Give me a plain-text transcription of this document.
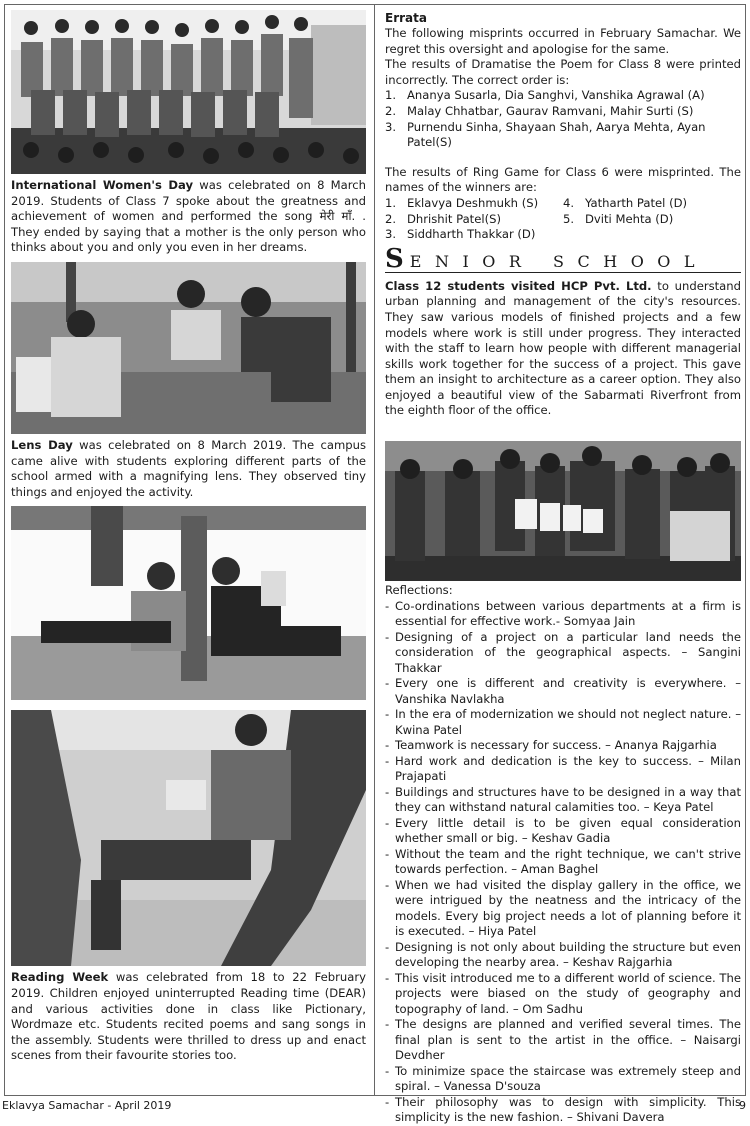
International Women's Day was celebrated on 8 March 2019. Students of Class 7 spoke about the greatness and achievement of women and performed the song मेरी माँ. . They ended by saying that a mother is the only person who thinks about you and only you even in her dreams.

Lens Day was celebrated on 8 March 2019. The campus came alive with students exploring different parts of the school armed with a magnifying lens. They observed tiny things and enjoyed the activity.

Reading Week was celebrated from 18 to 22 February 2019. Children enjoyed uninterrupted Reading time (DEAR) and various activities done in class like Pictionary, Wordmaze etc. Students recited poems and sang songs in the assembly. Students were thrilled to dress up and enact scenes from their favourite stories too.

Errata

The following misprints occurred in February Samachar. We regret this oversight and apologise for the same.

The results of Dramatise the Poem for Class 8 were printed incorrectly. The correct order is:

1. Ananya Susarla, Dia Sanghvi, Vanshika Agrawal (A)
2. Malay Chhatbar, Gaurav Ramvani, Mahir Surti (S)
3. Purnendu Sinha, Shayaan Shah, Aarya Mehta, Ayan Patel(S)

The results of Ring Game for Class 6 were misprinted. The names of the winners are:

1. Eklavya Deshmukh (S) 4. Yatharth Patel (D)
2. Dhrishit Patel(S)	5. Dviti Mehta (D)
3. Siddharth Thakkar (D)
S ENIOR SCHOOL

Class 12 students visited HCP Pvt. Ltd. to understand urban planning and management of the city's resources. They saw various models of finished projects and a few models where work is still under progress. They interacted with the staff to learn how people with different managerial skills work together for the success of a project. This gave them an insight to architecture as a career option. They also enjoyed a beautiful view of the Sabarmati Riverfront from the eighth floor of the office.

Reflections:
- Co-ordinations between various departments at a firm is essential for effective work.- Somyaa Jain
- Designing of a project on a particular land needs the consideration of the geographical aspects. – Sangini Thakkar
- Every one is different and creativity is everywhere. – Vanshika Navlakha
- In the era of modernization we should not neglect nature. – Kwina Patel
- Teamwork is necessary for success. – Ananya Rajgarhia
- Hard work and dedication is the key to success. – Milan Prajapati
- Buildings and structures have to be designed in a way that they can withstand natural calamities too. – Keya Patel
- Every little detail is to be given equal consideration whether small or big. – Keshav Gadia
- Without the team and the right technique, we can't strive towards perfection. – Aman Baghel
- When we had visited the display gallery in the office, we were intrigued by the neatness and the intricacy of the models. Every big project needs a lot of planning before it is executed. – Hiya Patel
- Designing is not only about building the structure but even developing the nearby area. – Keshav Rajgarhia
- This visit introduced me to a different world of science. The projects were biased on the study of geography and topography of land. – Om Sadhu
- The designs are planned and verified several times. The final plan is sent to the artist in the office. – Naisargi Devdher
- To minimize space the staircase was extremely steep and spiral. – Vanessa D'souza
- Their philosophy was to design with simplicity. This simplicity is the new fashion. – Shivani Davera
Eklavya Samachar - April 2019	9
